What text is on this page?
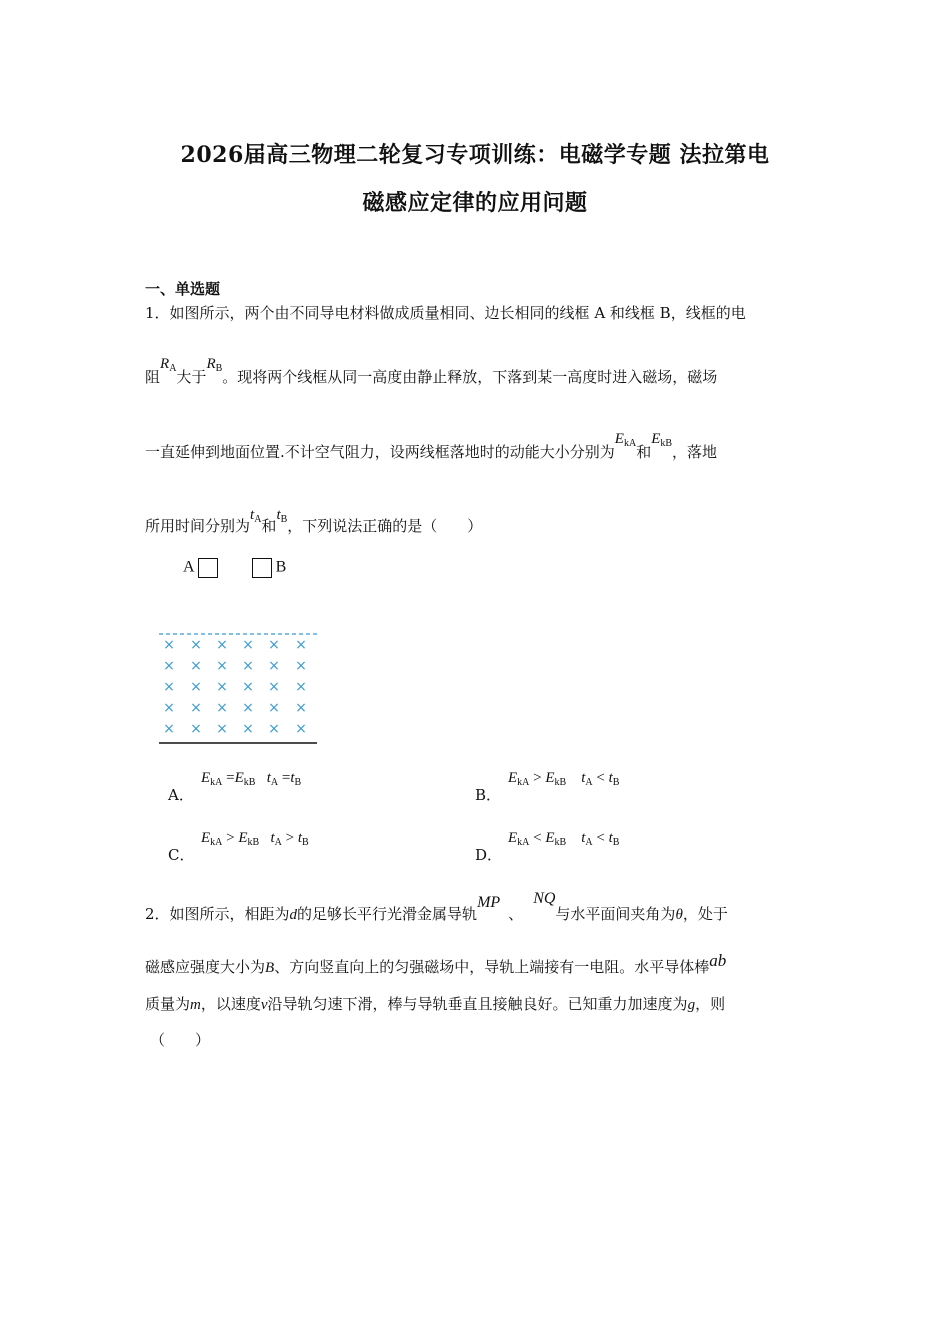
2026届高三物理二轮复习专项训练：电磁学专题 法拉第电
磁感应定律的应用问题
一、单选题
1．如图所示，两个由不同导电材料做成质量相同、边长相同的线框 A 和线框 B，线框的电
阻$R_A$大于$R_B$。现将两个线框从同一高度由静止释放，下落到某一高度时进入磁场，磁场
一直延伸到地面位置.不计空气阻力，设两线框落地时的动能大小分别为$E_{kA}$和$E_{kB}$，落地
所用时间分别为$t_A$和$t_B$，下列说法正确的是（　　）
A	B
× × × × × ×
× × × × × ×
× × × × × ×
× × × × × ×
× × × × × ×
A．
$E_{kA} =E_{kB}$ $t_A =t_B$
B．
$E_{kA} > E_{kB}$ $t_A < t_B$
C．
$E_{kA} > E_{kB}$ $t_A > t_B$
D．
$E_{kA} < E_{kB}$ $t_A < t_B$
2．如图所示，相距为d的足够长平行光滑金属导轨MP、NQ与水平面间夹角为θ，处于
磁感应强度大小为B、方向竖直向上的匀强磁场中，导轨上端接有一电阻。水平导体棒ab
质量为m，以速度v沿导轨匀速下滑，棒与导轨垂直且接触良好。已知重力加速度为g，则
（　　）
